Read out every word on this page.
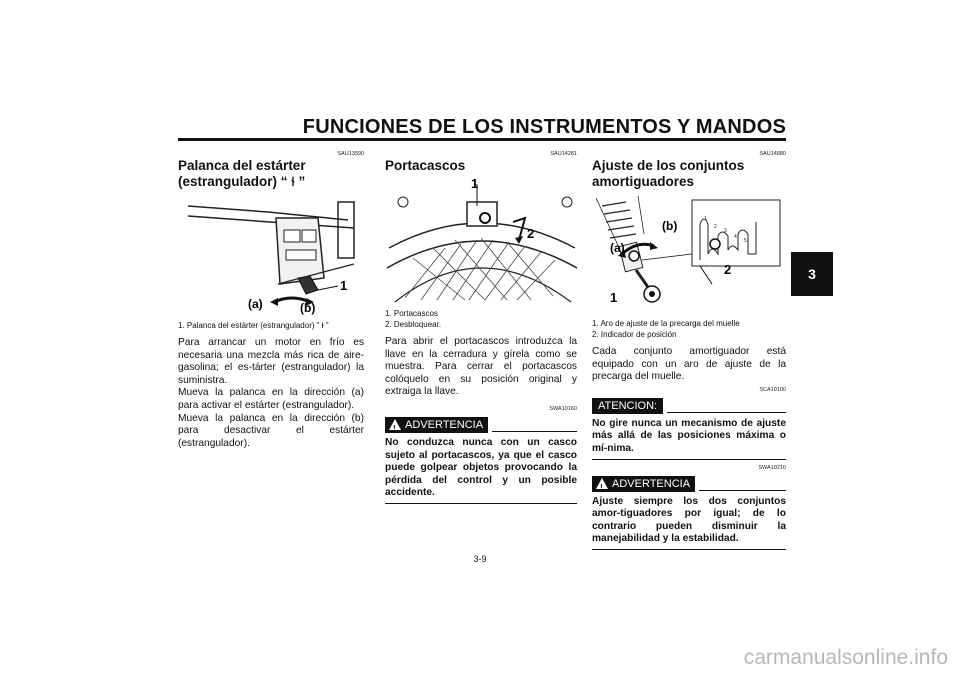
FUNCIONES DE LOS INSTRUMENTOS Y MANDOS
3
SAU13590
Palanca del estárter
(estrangulador) “ ⫮ ”
(a)	(b)
1
1. Palanca del estárter (estrangulador) “ ⫮ ”

Para arrancar un motor en frío es necesaria una mezcla más rica de aire-gasolina; el es-tárter (estrangulador) la suministra.
Mueva la palanca en la dirección (a) para activar el estárter (estrangulador).
Mueva la palanca en la dirección (b) para desactivar el estárter (estrangulador).

SAU14281
Portacascos
1
2
1. Portacascos
2. Desbloquear.

Para abrir el portacascos introduzca la llave en la cerradura y gírela como se muestra. Para cerrar el portacascos colóquelo en su posición original y extraiga la llave.

SWA10160
! ADVERTENCIA

No conduzca nunca con un casco sujeto al portacascos, ya que el casco puede golpear objetos provocando la pérdida del control y un posible accidente.

SAU14880
Ajuste de los conjuntos
amortiguadores
1
2
3
4
5
(a)
(b)
1
2
1. Aro de ajuste de la precarga del muelle
2. Indicador de posición

Cada conjunto amortiguador está equipado con un aro de ajuste de la precarga del muelle.

SCA10100
ATENCION:

No gire nunca un mecanismo de ajuste más allá de las posiciones máxima o mí-nima.

SWA10210
! ADVERTENCIA

Ajuste siempre los dos conjuntos amor-tiguadores por igual; de lo contrario pueden disminuir la manejabilidad y la estabilidad.

3-9
carmanualsonline.info
